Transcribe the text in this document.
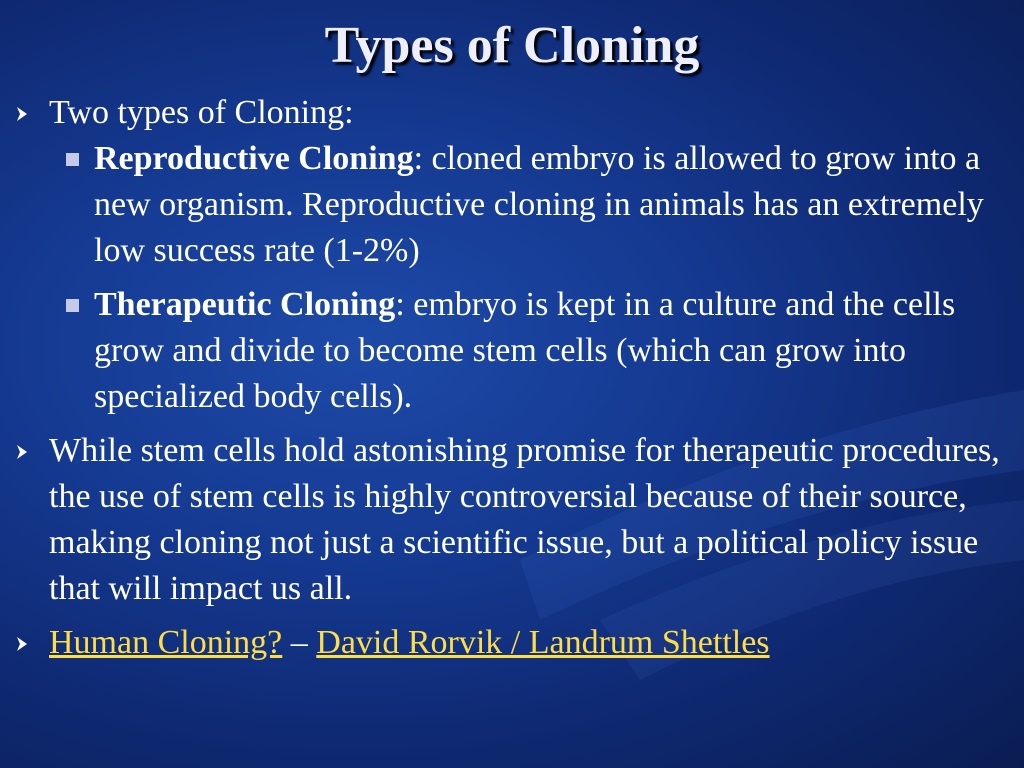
Types of Cloning
Two types of Cloning:
Reproductive Cloning: cloned embryo is allowed to grow into a new organism. Reproductive cloning in animals has an extremely low success rate (1-2%)
Therapeutic Cloning: embryo is kept in a culture and the cells grow and divide to become stem cells (which can grow into specialized body cells).
While stem cells hold astonishing promise for therapeutic procedures, the use of stem cells is highly controversial because of their source, making cloning not just a scientific issue, but a political policy issue that will impact us all.
Human Cloning? – David Rorvik / Landrum Shettles
